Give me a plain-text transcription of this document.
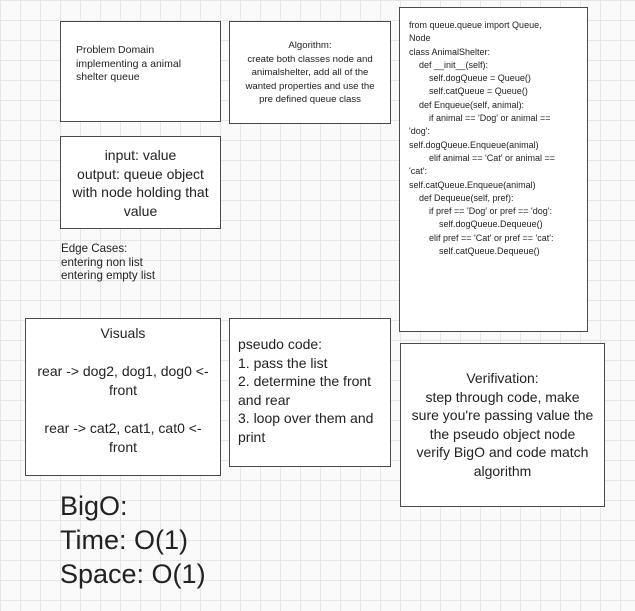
Problem Domain
implementing a animal
shelter queue
Algorithm:
create both classes node and
animalshelter, add all of the
wanted properties and use the
pre defined queue class
from queue.queue import Queue,
Node
class AnimalShelter:
def __init__(self):
self.dogQueue = Queue()
self.catQueue = Queue()
def Enqueue(self, animal):
if animal == 'Dog' or animal ==
'dog':
self.dogQueue.Enqueue(animal)
elif animal == 'Cat' or animal ==
'cat':
self.catQueue.Enqueue(animal)
def Dequeue(self, pref):
if pref == 'Dog' or pref == 'dog':
self.dogQueue.Dequeue()
elif pref == 'Cat' or pref == 'cat':
self.catQueue.Dequeue()
input: value
output: queue object
with node holding that
value
Edge Cases:
entering non list
entering empty list
Visuals
rear -> dog2, dog1, dog0 <-
front
rear -> cat2, cat1, cat0 <-
front
pseudo code:
1. pass the list
2. determine the front
and rear
3. loop over them and
print
Verifivation:
step through code, make
sure you're passing value the
the pseudo object node
verify BigO and code match
algorithm
BigO:
Time: O(1)
Space: O(1)
